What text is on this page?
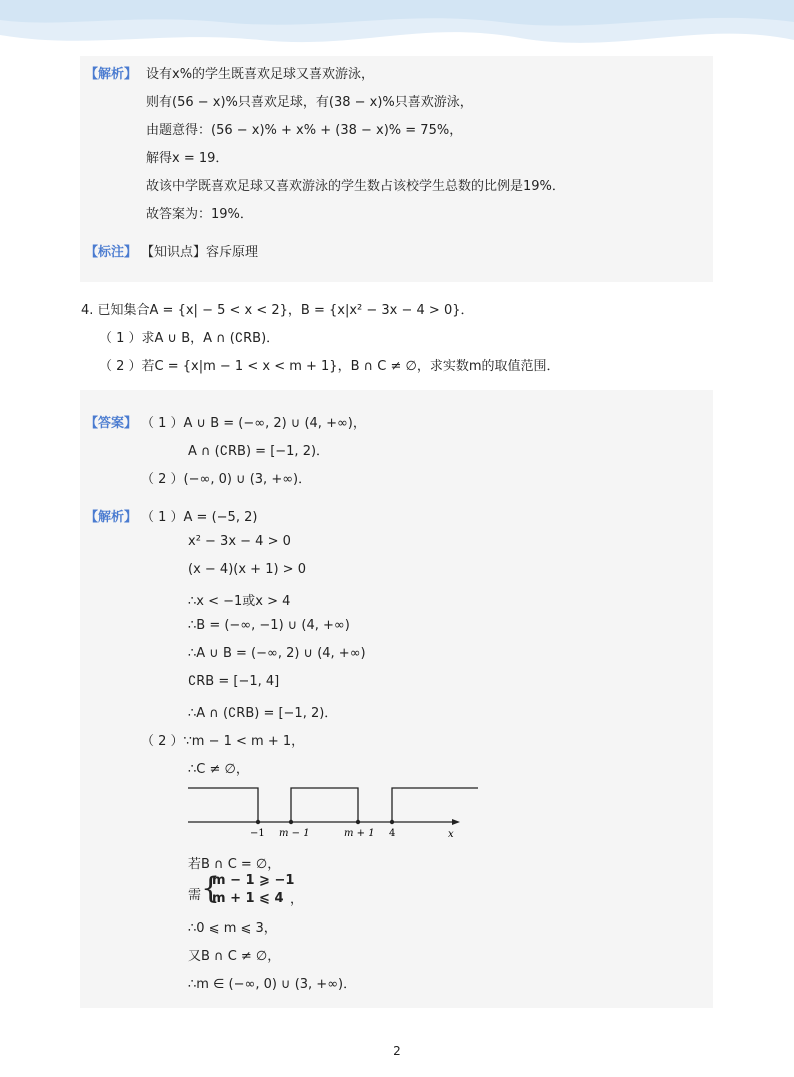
【解析】 设有x%的学生既喜欢足球又喜欢游泳，
则有(56 − x)%只喜欢足球，有(38 − x)%只喜欢游泳，
由题意得：(56 − x)% + x% + (38 − x)% = 75%，
解得x = 19．
故该中学既喜欢足球又喜欢游泳的学生数占该校学生总数的比例是19%．
故答案为：19%．
【标注】 【知识点】容斥原理
4. 已知集合A = {x| − 5 < x < 2}，B = {x|x² − 3x − 4 > 0}．
（ 1 ）求A ∪ B，A ∩ (∁RB)．
（ 2 ）若C = {x|m − 1 < x < m + 1}，B ∩ C ≠ ∅，求实数m的取值范围．
【答案】 （ 1 ）A ∪ B = (−∞, 2) ∪ (4, +∞)，
A ∩ (∁RB) = [−1, 2)．
（ 2 ）(−∞, 0) ∪ (3, +∞)．
【解析】 （ 1 ）A = (−5, 2)
x² − 3x − 4 > 0
(x − 4)(x + 1) > 0
∴x < −1或x > 4
∴B = (−∞, −1) ∪ (4, +∞)
∴A ∪ B = (−∞, 2) ∪ (4, +∞)
∁RB = [−1, 4]
∴A ∩ (∁RB) = [−1, 2)．
（ 2 ）∵m − 1 < m + 1，
∴C ≠ ∅，
−1 m − 1	m + 1 4	x
若B ∩ C = ∅，
需 {
m − 1 ⩾ −1
m + 1 ⩽ 4 ，
∴0 ⩽ m ⩽ 3，
又B ∩ C ≠ ∅，
∴m ∈ (−∞, 0) ∪ (3, +∞)．
2
